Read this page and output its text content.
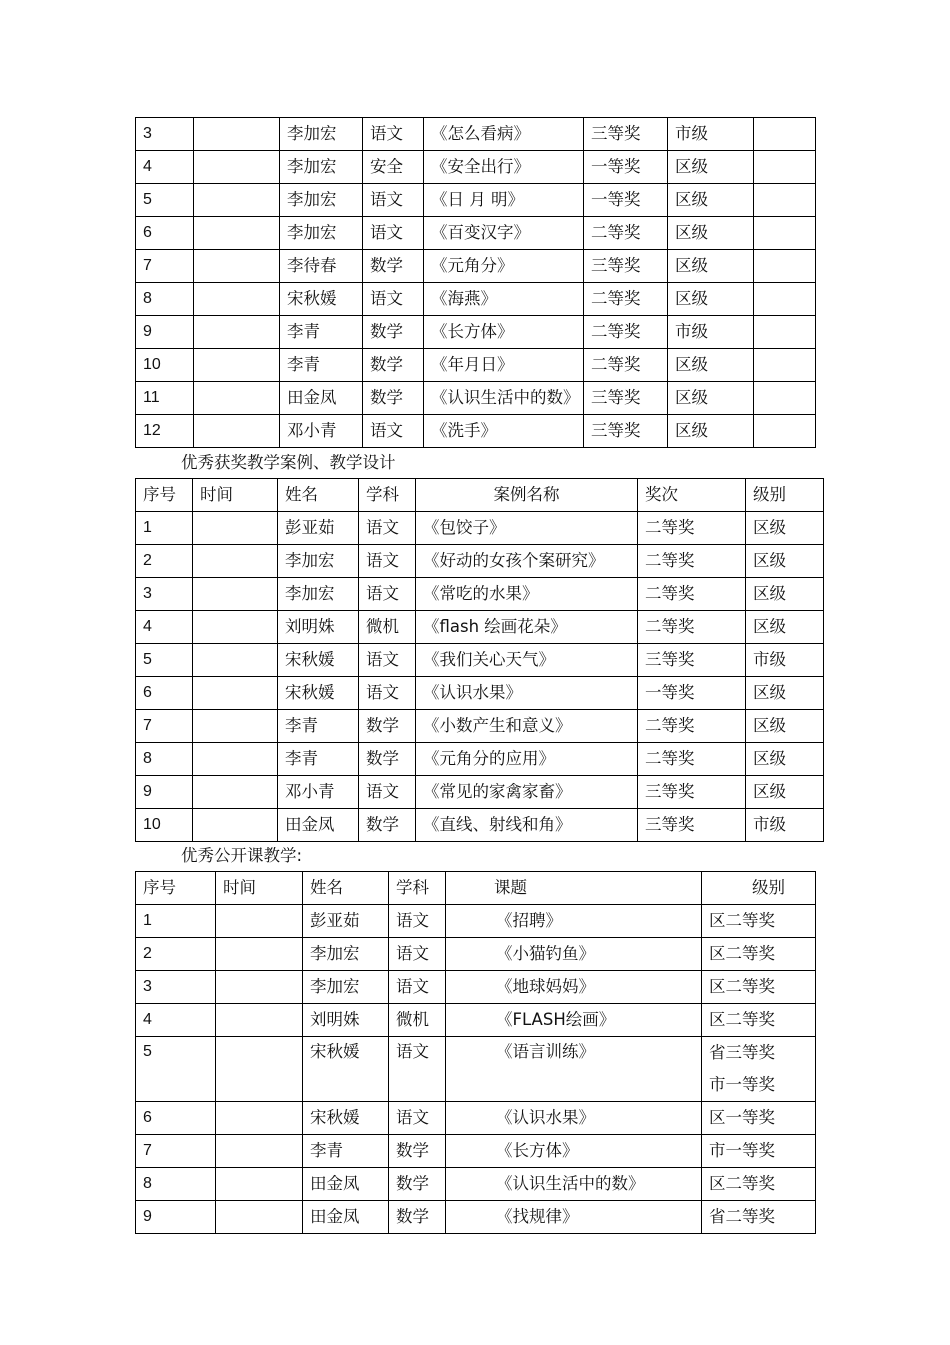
3		李加宏	语文	《怎么看病》	三等奖	市级	
4		李加宏	安全	《安全出行》	一等奖	区级	
5		李加宏	语文	《日 月 明》	一等奖	区级	
6		李加宏	语文	《百变汉字》	二等奖	区级	
7		李待春	数学	《元角分》	三等奖	区级	
8		宋秋媛	语文	《海燕》	二等奖	区级	
9		李青	数学	《长方体》	二等奖	市级	
10		李青	数学	《年月日》	二等奖	区级	
11		田金凤	数学	《认识生活中的数》	三等奖	区级	
12		邓小青	语文	《洗手》	三等奖	区级	
优秀获奖教学案例、教学设计
序号	时间	姓名	学科	案例名称	奖次	级别
1		彭亚茹	语文	《包饺子》	二等奖	区级
2		李加宏	语文	《好动的女孩个案研究》	二等奖	区级
3		李加宏	语文	《常吃的水果》	二等奖	区级
4		刘明姝	微机	《flash 绘画花朵》	二等奖	区级
5		宋秋媛	语文	《我们关心天气》	三等奖	市级
6		宋秋媛	语文	《认识水果》	一等奖	区级
7		李青	数学	《小数产生和意义》	二等奖	区级
8		李青	数学	《元角分的应用》	二等奖	区级
9		邓小青	语文	《常见的家禽家畜》	三等奖	区级
10		田金凤	数学	《直线、射线和角》	三等奖	市级
优秀公开课教学:
序号	时间	姓名	学科	课题	级别
1		彭亚茹	语文	《招聘》	区二等奖
2		李加宏	语文	《小猫钓鱼》	区二等奖
3		李加宏	语文	《地球妈妈》	区二等奖
4		刘明姝	微机	《FLASH绘画》	区二等奖
5		宋秋媛	语文	《语言训练》	省三等奖
市一等奖

6		宋秋媛	语文	《认识水果》	区一等奖
7		李青	数学	《长方体》	市一等奖
8		田金凤	数学	《认识生活中的数》	区二等奖
9		田金凤	数学	《找规律》	省二等奖
